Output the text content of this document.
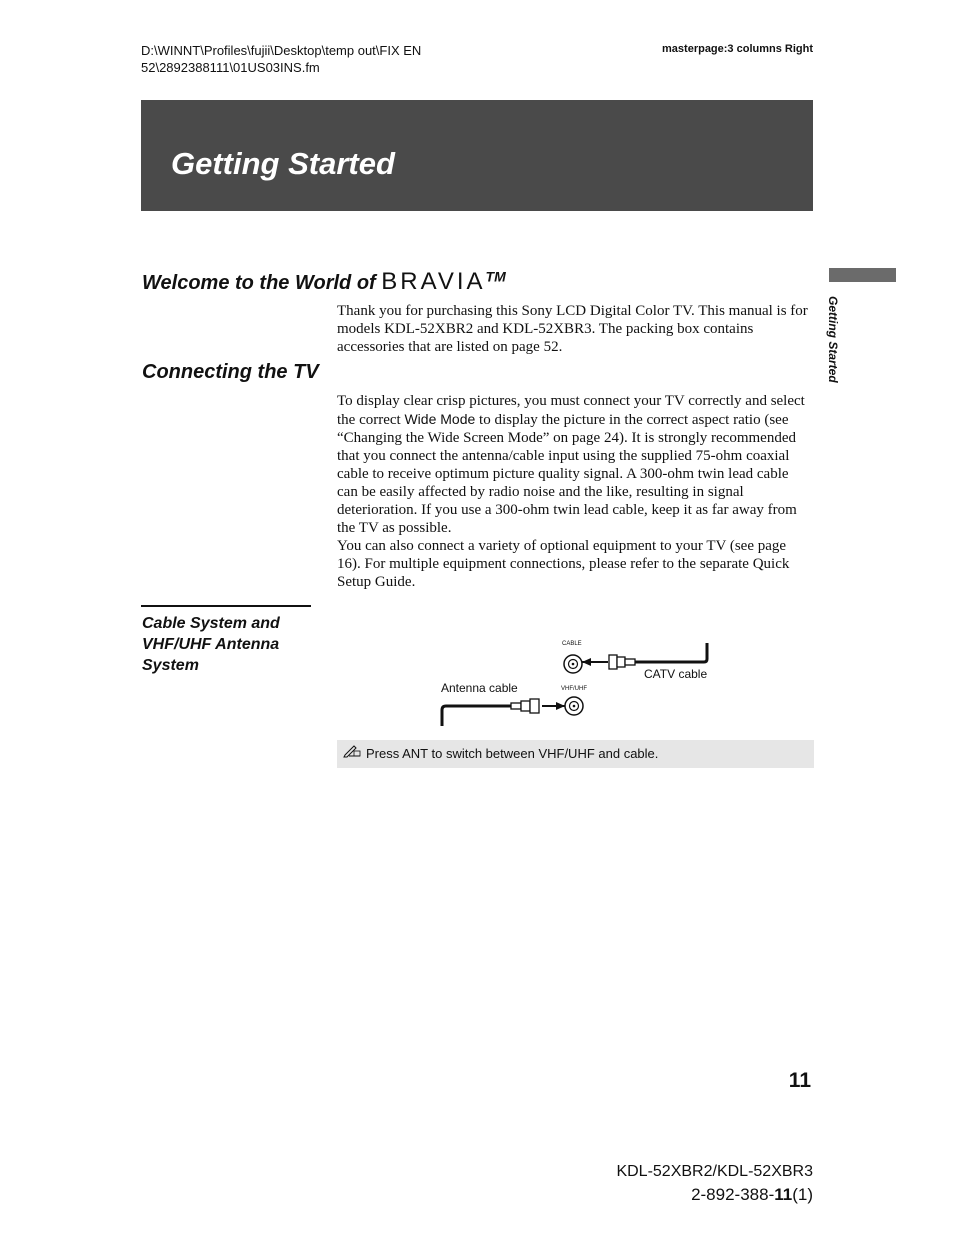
D:\WINNT\Profiles\fujii\Desktop\temp out\FIX EN
52\2892388111\01US03INS.fm
masterpage:3 columns Right
Getting Started
Getting Started
Welcome to the World of BRAVIA™

Thank you for purchasing this Sony LCD Digital Color TV. This manual is for models KDL-52XBR2 and KDL-52XBR3. The packing box contains accessories that are listed on page 52.

Connecting the TV

To display clear crisp pictures, you must connect your TV correctly and select the correct Wide Mode to display the picture in the correct aspect ratio (see “Changing the Wide Screen Mode” on page 24). It is strongly recommended that you connect the antenna/cable input using the supplied 75-ohm coaxial cable to receive optimum picture quality signal. A 300-ohm twin lead cable can be easily affected by radio noise and the like, resulting in signal deterioration. If you use a 300-ohm twin lead cable, keep it as far away from the TV as possible.

You can also connect a variety of optional equipment to your TV (see page 16). For multiple equipment connections, please refer to the separate Quick Setup Guide.

Cable System and VHF/UHF Antenna System
CABLE
VHF/UHF
CATV cable
Antenna cable
Press ANT to switch between VHF/UHF and cable.
11
KDL-52XBR2/KDL-52XBR3
2-892-388-11(1)
